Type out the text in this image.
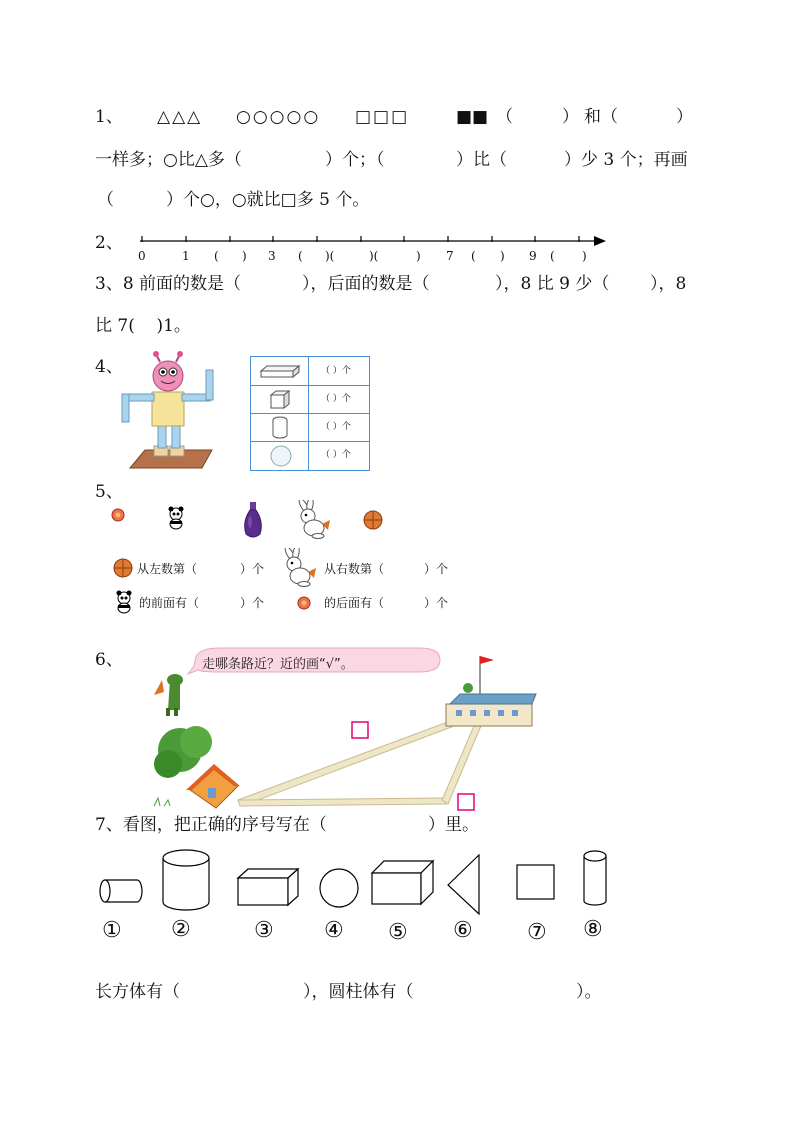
1、 △△△ ○○○○○ □□□	■■ （	） 和（	）
一样多；○比△多（	）个；（	）比（	）少 3 个；再画
（	）个○，○就比□多 5 个。
2、
0	1 ( ) 3 ( )(	)(	) 7 ( ) 9 ( )
3、8 前面的数是（	），后面的数是（	），8 比 9 少（ ），8
比 7(    )1。
4、

	（ ）个

（ ）个

（ ）个

（ ）个

5、
从左数第（	）个	从右数第（	）个
的前面有（	）个	的后面有（	）个
6、	走哪条路近？近的画“√”。
7、看图，把正确的序号写在（	）里。
① ②	③ ④ ⑤ ⑥ ⑦ ⑧
长方体有（	），圆柱体有（	）。
